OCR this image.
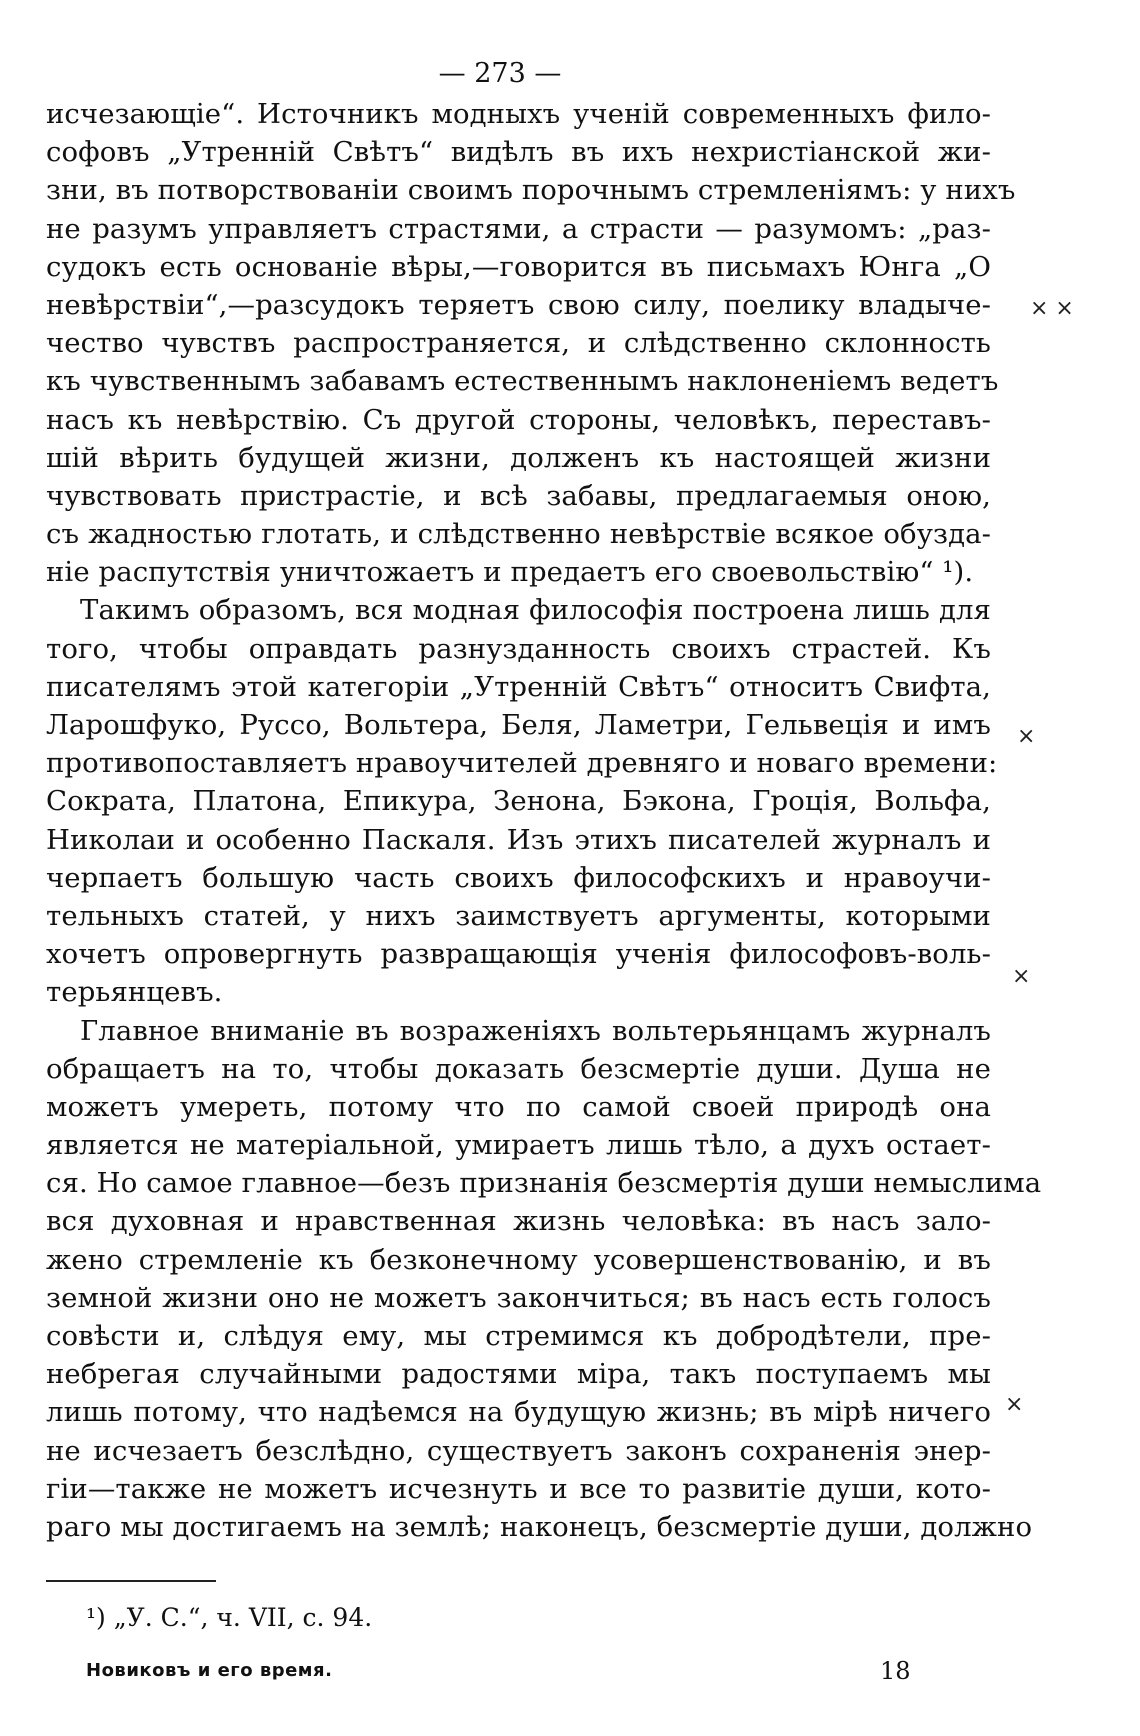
— 273 —
исчезающіе“. Источникъ модныхъ ученій современныхъ фило-
софовъ „Утренній Свѣтъ“ видѣлъ въ ихъ нехристіанской жи-
зни, въ потворствованіи своимъ порочнымъ стремленіямъ: у нихъ
не разумъ управляетъ страстями, а страсти — разумомъ: „раз-
судокъ есть основаніе вѣры,—говорится въ письмахъ Юнга „О
невѣрствіи“,—разсудокъ теряетъ свою силу, поелику владыче-
чество чувствъ распространяется, и слѣдственно склонность
къ чувственнымъ забавамъ естественнымъ наклоненіемъ ведетъ
насъ къ невѣрствію. Съ другой стороны, человѣкъ, переставъ-
шій вѣрить будущей жизни, долженъ къ настоящей жизни
чувствовать пристрастіе, и всѣ забавы, предлагаемыя оною,
съ жадностью глотать, и слѣдственно невѣрствіе всякое обузда-
ніе распутствія уничтожаетъ и предаетъ его своевольствію“ ¹).
Такимъ образомъ, вся модная философія построена лишь для
того, чтобы оправдать разнузданность своихъ страстей. Къ
писателямъ этой категоріи „Утренній Свѣтъ“ относитъ Свифта,
Ларошфуко, Руссо, Вольтера, Беля, Ламетри, Гельвеція и имъ
противопоставляетъ нравоучителей древняго и новаго времени:
Сократа, Платона, Епикура, Зенона, Бэкона, Гроція, Вольфа,
Николаи и особенно Паскаля. Изъ этихъ писателей журналъ и
черпаетъ большую часть своихъ философскихъ и нравоучи-
тельныхъ статей, у нихъ заимствуетъ аргументы, которыми
хочетъ опровергнуть развращающія ученія философовъ-воль-
терьянцевъ.
Главное вниманіе въ возраженіяхъ вольтерьянцамъ журналъ
обращаетъ на то, чтобы доказать безсмертіе души. Душа не
можетъ умереть, потому что по самой своей природѣ она
является не матеріальной, умираетъ лишь тѣло, а духъ остает-
ся. Но самое главное—безъ признанія безсмертія души немыслима
вся духовная и нравственная жизнь человѣка: въ насъ зало-
жено стремленіе къ безконечному усовершенствованію, и въ
земной жизни оно не можетъ закончиться; въ насъ есть голосъ
совѣсти и, слѣдуя ему, мы стремимся къ добродѣтели, пре-
небрегая случайными радостями міра, такъ поступаемъ мы
лишь потому, что надѣемся на будущую жизнь; въ мірѣ ничего
не исчезаетъ безслѣдно, существуетъ законъ сохраненія энер-
гіи—также не можетъ исчезнуть и все то развитіе души, кото-
раго мы достигаемъ на землѣ; наконецъ, безсмертіе души, должно
× ×
×
×
×
¹) „У. С.“, ч. VII, с. 94.
Новиковъ и его время.	18
